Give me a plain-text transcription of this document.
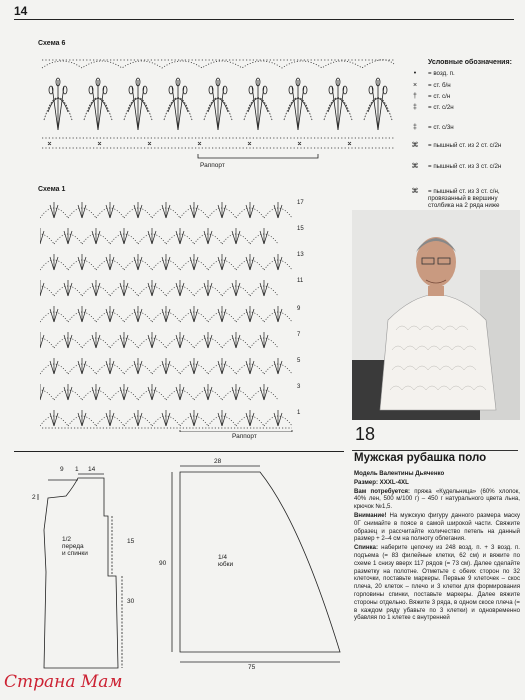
14
Схема 6
Раппорт
Условные обозначения:
•	= возд. п.
×	= ст. б/н
†	= ст. с/н
‡	= ст. с/2н
‡	= ст. с/3н
⌘	= пышный ст. из 2 ст. с/2н
⌘	= пышный ст. из 3 ст. с/2н
⌘	= пышный ст. из 3 ст. с/н, провязанный в вершину столбика на 2 ряда ниже
Схема 1
17
15
13
11
9
7
5
3
1
Раппорт
9 1 14
2
15
30
1/2
переда
и спинки
28
90
75
1/4
юбки
18
Мужская рубашка поло

Модель Валентины Дьяченко

Размер: XXXL-4XL

Вам потребуется: пряжа «Кудельница» (60% хлопок, 40% лен, 500 м/100 г) – 450 г натурального цвета льна, крючок №1,5.

Внимание! На мужскую фигуру данного размера маску 0Г снимайте в поясе в самой широкой части. Свяжите образец и рассчитайте количество петель на данный размер + 2–4 см на полноту облегания.

Спинка: наберите цепочку из 248 возд. п. + 3 возд. п. подъема (= 83 филейные клетки, 62 см) и вяжите по схеме 1 снизу вверх 117 рядов (= 73 см). Далее сделайте разметку на полотне. Отметьте с обеих сторон по 32 клеточки, поставьте маркеры. Первые 9 клеточек – скос плеча, 20 клеток – плечо и 3 клетки для формирования горловины спинки, поставьте маркеры. Далее вяжите стороны отдельно. Вяжите 3 ряда, в одном скосе плеча (= в каждом ряду убавьте по 3 клетки) и одновременно убавляя по 1 клетке с внутренней

Страна Мам
